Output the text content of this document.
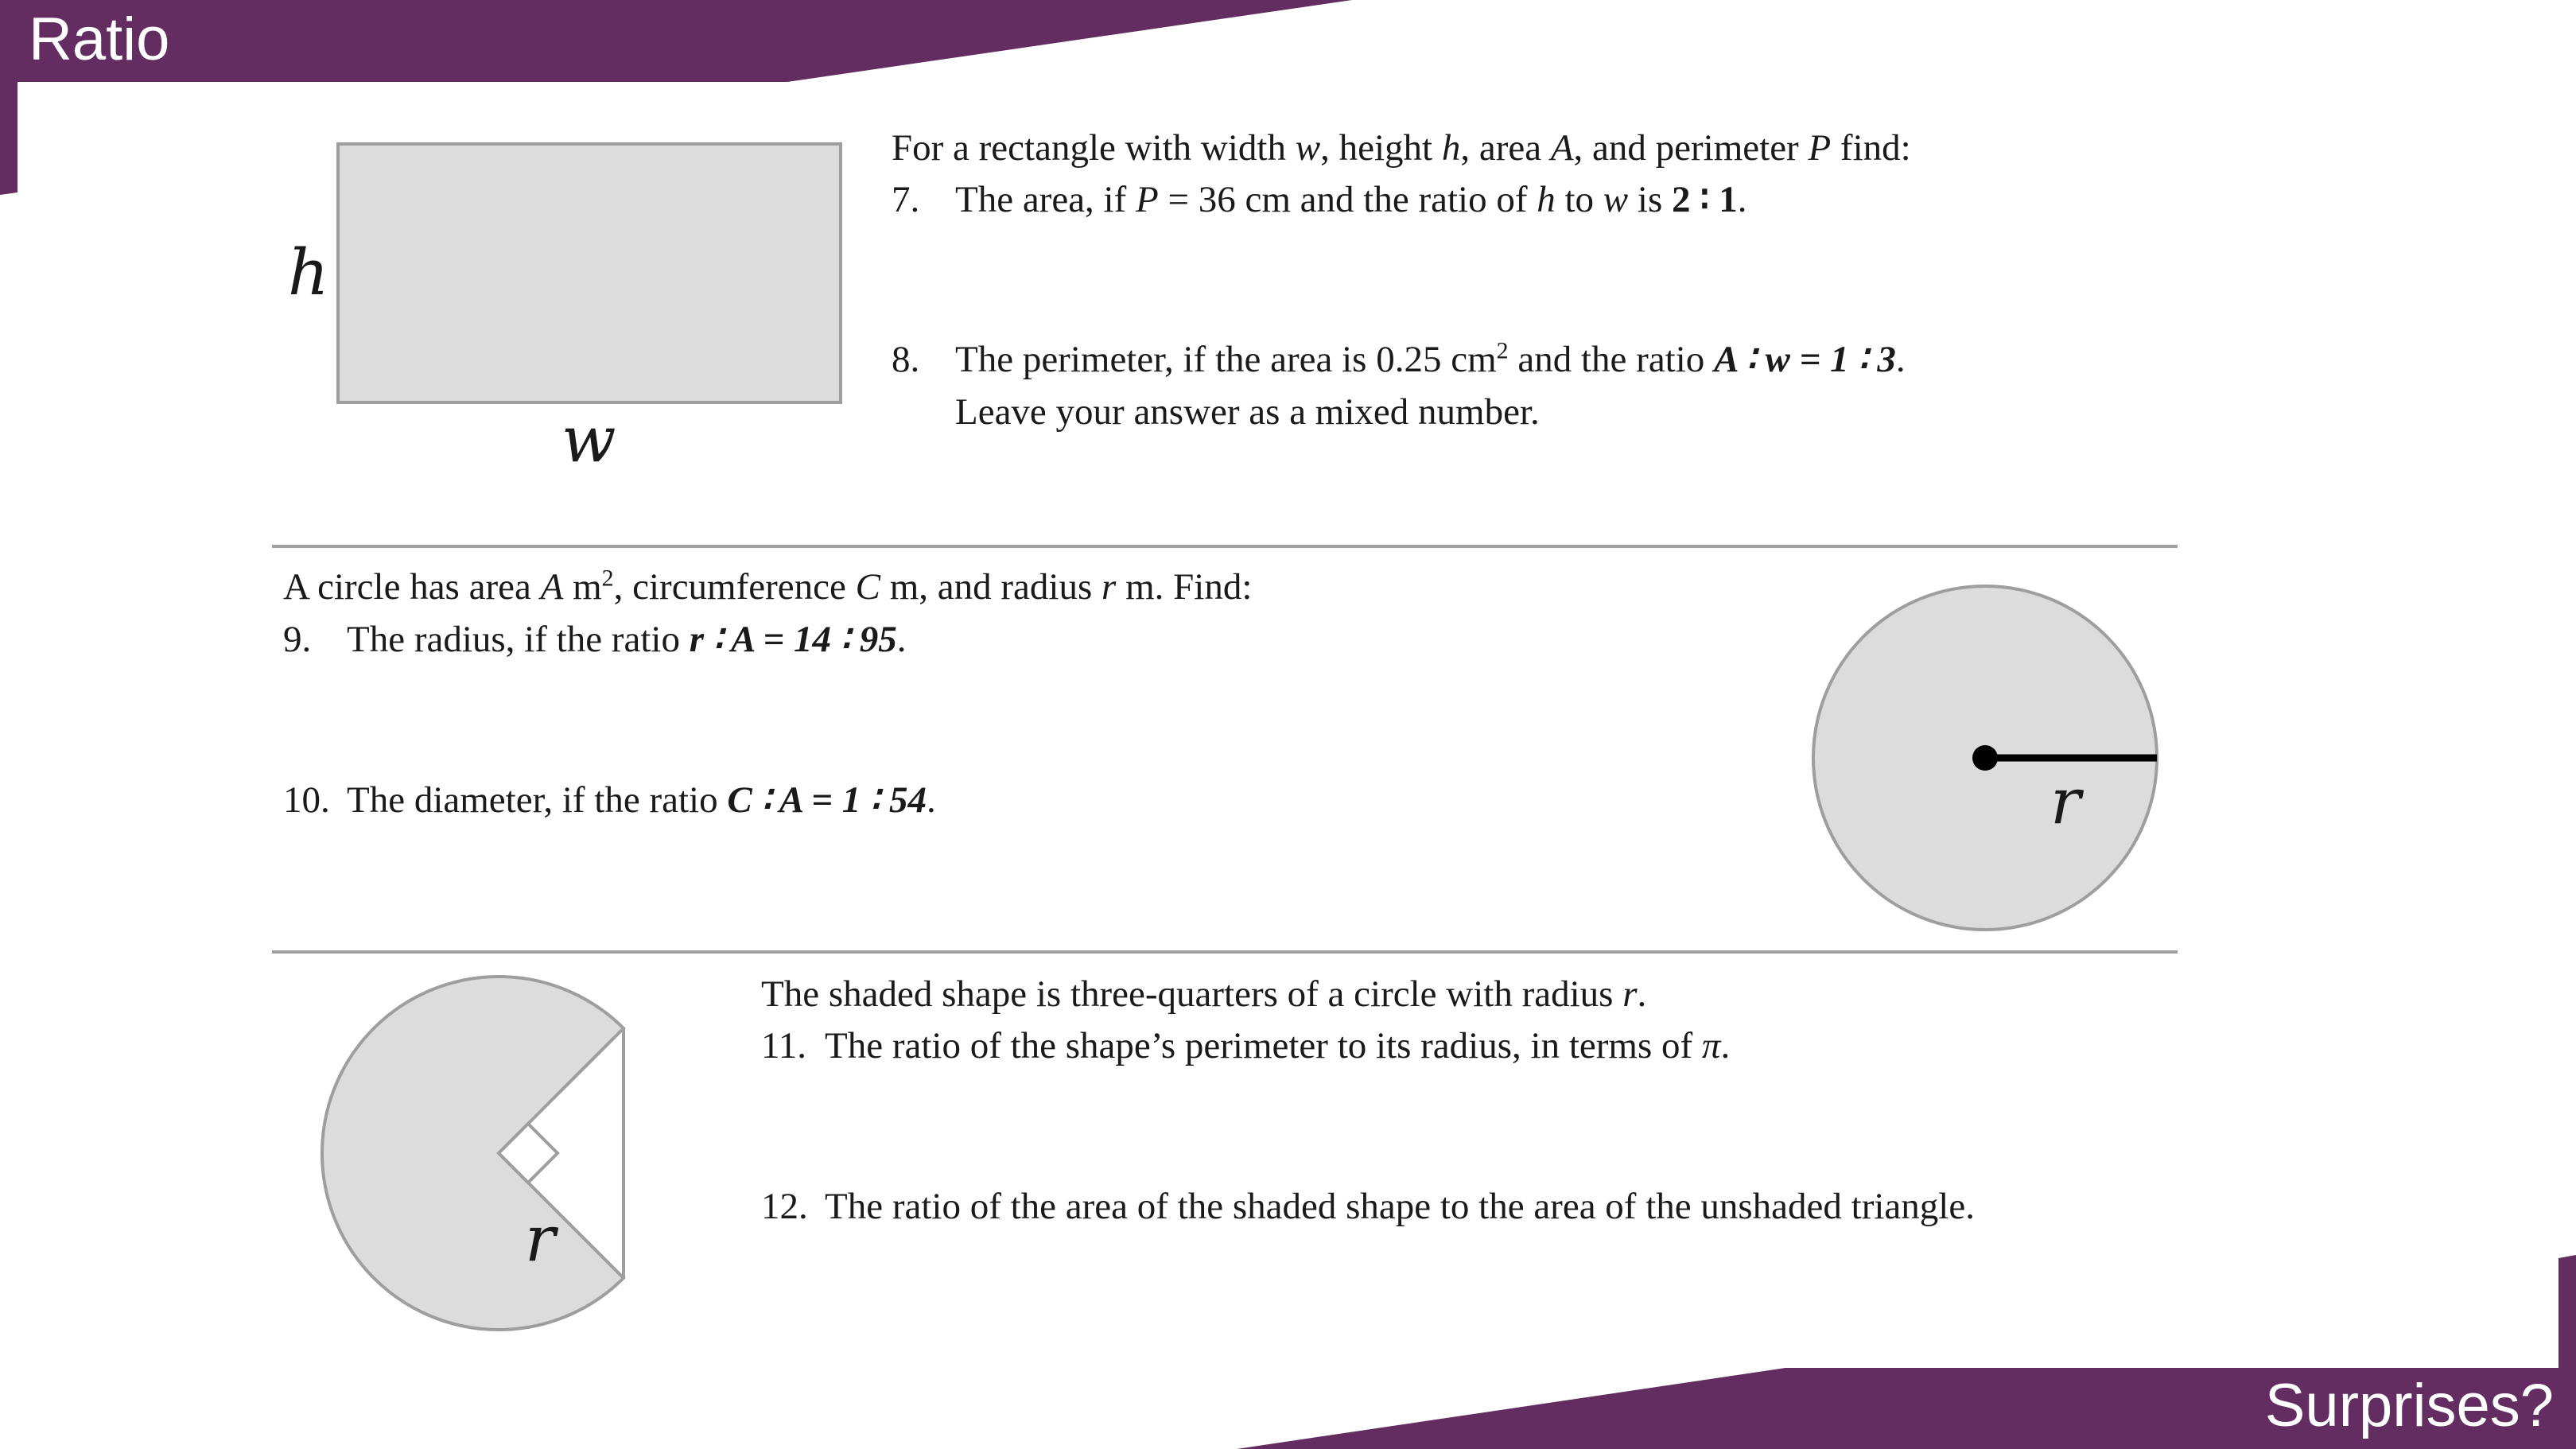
h
w
r
r
Ratio
Surprises?
For a rectangle with width w, height h, area A, and perimeter P find:
7. The area, if P = 36 cm and the ratio of h to w is 2 ∶ 1.
8. The perimeter, if the area is 0.25 $cm^2$ and the ratio A ∶ w = 1 ∶ 3.
Leave your answer as a mixed number.
A circle has area A $m^2$, circumference C m, and radius r m. Find:
9. The radius, if the ratio r ∶ A = 14 ∶ 95.
10. The diameter, if the ratio C ∶ A = 1 ∶ 54.
The shaded shape is three-quarters of a circle with radius r.
11. The ratio of the shape’s perimeter to its radius, in terms of π.
12. The ratio of the area of the shaded shape to the area of the unshaded triangle.
